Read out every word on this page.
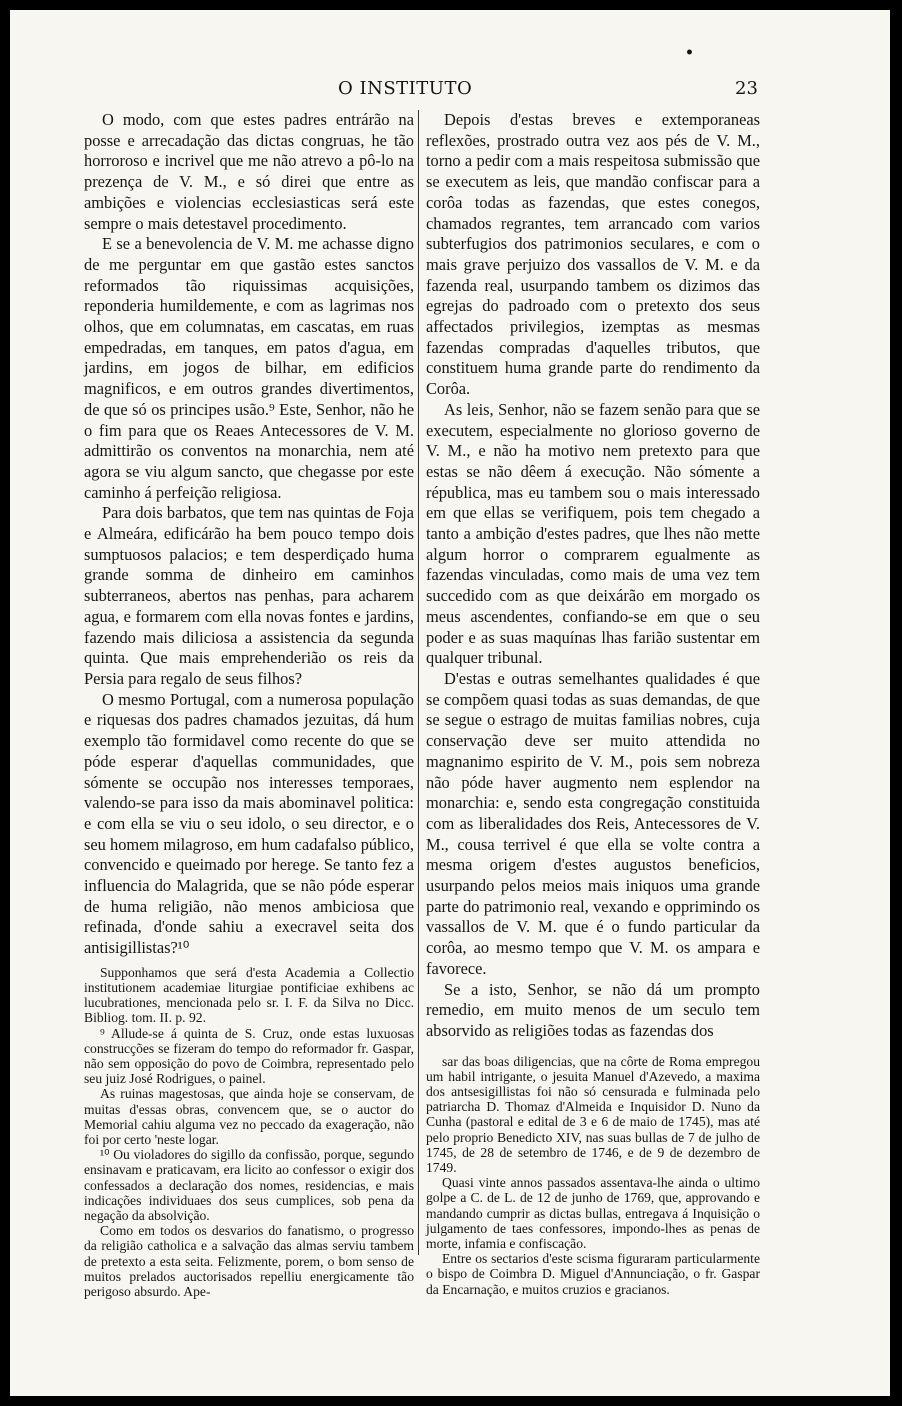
•
O INSTITUTO	23

O modo, com que estes padres entrárão na posse e arrecadação das dictas congruas, he tão horroroso e incrivel que me não atrevo a pô-lo na prezença de V. M., e só direi que entre as ambições e violencias ecclesiasticas será este sempre o mais detestavel procedimento.

E se a benevolencia de V. M. me achasse digno de me perguntar em que gastão estes sanctos reformados tão riquissimas acquisições, reponderia humildemente, e com as lagrimas nos olhos, que em columnatas, em cascatas, em ruas empedradas, em tanques, em patos d'agua, em jardins, em jogos de bilhar, em edificios magnificos, e em outros grandes divertimentos, de que só os principes usão.⁹ Este, Senhor, não he o fim para que os Reaes Antecessores de V. M. admittirão os conventos na monarchia, nem até agora se viu algum sancto, que chegasse por este caminho á perfeição religiosa.

Para dois barbatos, que tem nas quintas de Foja e Almeára, edificárão ha bem pouco tempo dois sumptuosos palacios; e tem desperdiçado huma grande somma de dinheiro em caminhos subterraneos, abertos nas penhas, para acharem agua, e formarem com ella novas fontes e jardins, fazendo mais diliciosa a assistencia da segunda quinta. Que mais emprehenderião os reis da Persia para regalo de seus filhos?

O mesmo Portugal, com a numerosa população e riquesas dos padres chamados jezuitas, dá hum exemplo tão formidavel como recente do que se póde esperar d'aquellas communidades, que sómente se occupão nos interesses temporaes, valendo-se para isso da mais abominavel politica: e com ella se viu o seu idolo, o seu director, e o seu homem milagroso, em hum cadafalso público, convencido e queimado por herege. Se tanto fez a influencia do Malagrida, que se não póde esperar de huma religião, não menos ambiciosa que refinada, d'onde sahiu a execravel seita dos antisigillistas?¹⁰

Supponhamos que será d'esta Academia a Collectio institutionem academiae liturgiae pontificiae exhibens ac lucubrationes, mencionada pelo sr. I. F. da Silva no Dicc. Bibliog. tom. II. p. 92.

⁹ Allude-se á quinta de S. Cruz, onde estas luxuosas construcções se fizeram do tempo do reformador fr. Gaspar, não sem opposição do povo de Coimbra, representado pelo seu juiz José Rodrigues, o painel.

As ruinas magestosas, que ainda hoje se conservam, de muitas d'essas obras, convencem que, se o auctor do Memorial cahiu alguma vez no peccado da exageração, não foi por certo 'neste logar.

¹⁰ Ou violadores do sigillo da confissão, porque, segundo ensinavam e praticavam, era licito ao confessor o exigir dos confessados a declaração dos nomes, residencias, e mais indicações individuaes dos seus cumplices, sob pena da negação da absolvição.

Como em todos os desvarios do fanatismo, o progresso da religião catholica e a salvação das almas serviu tambem de pretexto a esta seita. Felizmente, porem, o bom senso de muitos prelados auctorisados repelliu energicamente tão perigoso absurdo. Ape-

Depois d'estas breves e extemporaneas reflexões, prostrado outra vez aos pés de V. M., torno a pedir com a mais respeitosa submissão que se executem as leis, que mandão confiscar para a corôa todas as fazendas, que estes conegos, chamados regrantes, tem arrancado com varios subterfugios dos patrimonios seculares, e com o mais grave perjuizo dos vassallos de V. M. e da fazenda real, usurpando tambem os dizimos das egrejas do padroado com o pretexto dos seus affectados privilegios, izemptas as mesmas fazendas compradas d'aquelles tributos, que constituem huma grande parte do rendimento da Corôa.

As leis, Senhor, não se fazem senão para que se executem, especialmente no glorioso governo de V. M., e não ha motivo nem pretexto para que estas se não dêem á execução. Não sómente a républica, mas eu tambem sou o mais interessado em que ellas se verifiquem, pois tem chegado a tanto a ambição d'estes padres, que lhes não mette algum horror o comprarem egualmente as fazendas vinculadas, como mais de uma vez tem succedido com as que deixárão em morgado os meus ascendentes, confiando-se em que o seu poder e as suas maquínas lhas farião sustentar em qualquer tribunal.

D'estas e outras semelhantes qualidades é que se compõem quasi todas as suas demandas, de que se segue o estrago de muitas familias nobres, cuja conservação deve ser muito attendida no magnanimo espirito de V. M., pois sem nobreza não póde haver augmento nem esplendor na monarchia: e, sendo esta congregação constituida com as liberalidades dos Reis, Antecessores de V. M., cousa terrivel é que ella se volte contra a mesma origem d'estes augustos beneficios, usurpando pelos meios mais iniquos uma grande parte do patrimonio real, vexando e opprimindo os vassallos de V. M. que é o fundo particular da corôa, ao mesmo tempo que V. M. os ampara e favorece.

Se a isto, Senhor, se não dá um prompto remedio, em muito menos de um seculo tem absorvido as religiões todas as fazendas dos

sar das boas diligencias, que na côrte de Roma empregou um habil intrigante, o jesuita Manuel d'Azevedo, a maxima dos antsesigillistas foi não só censurada e fulminada pelo patriarcha D. Thomaz d'Almeida e Inquisidor D. Nuno da Cunha (pastoral e edital de 3 e 6 de maio de 1745), mas até pelo proprio Benedicto XIV, nas suas bullas de 7 de julho de 1745, de 28 de setembro de 1746, e de 9 de dezembro de 1749.

Quasi vinte annos passados assentava-lhe ainda o ultimo golpe a C. de L. de 12 de junho de 1769, que, approvando e mandando cumprir as dictas bullas, entregava á Inquisição o julgamento de taes confessores, impondo-lhes as penas de morte, infamia e confiscação.

Entre os sectarios d'este scisma figuraram particularmente o bispo de Coimbra D. Miguel d'Annunciação, o fr. Gaspar da Encarnação, e muitos cruzios e gracianos.
